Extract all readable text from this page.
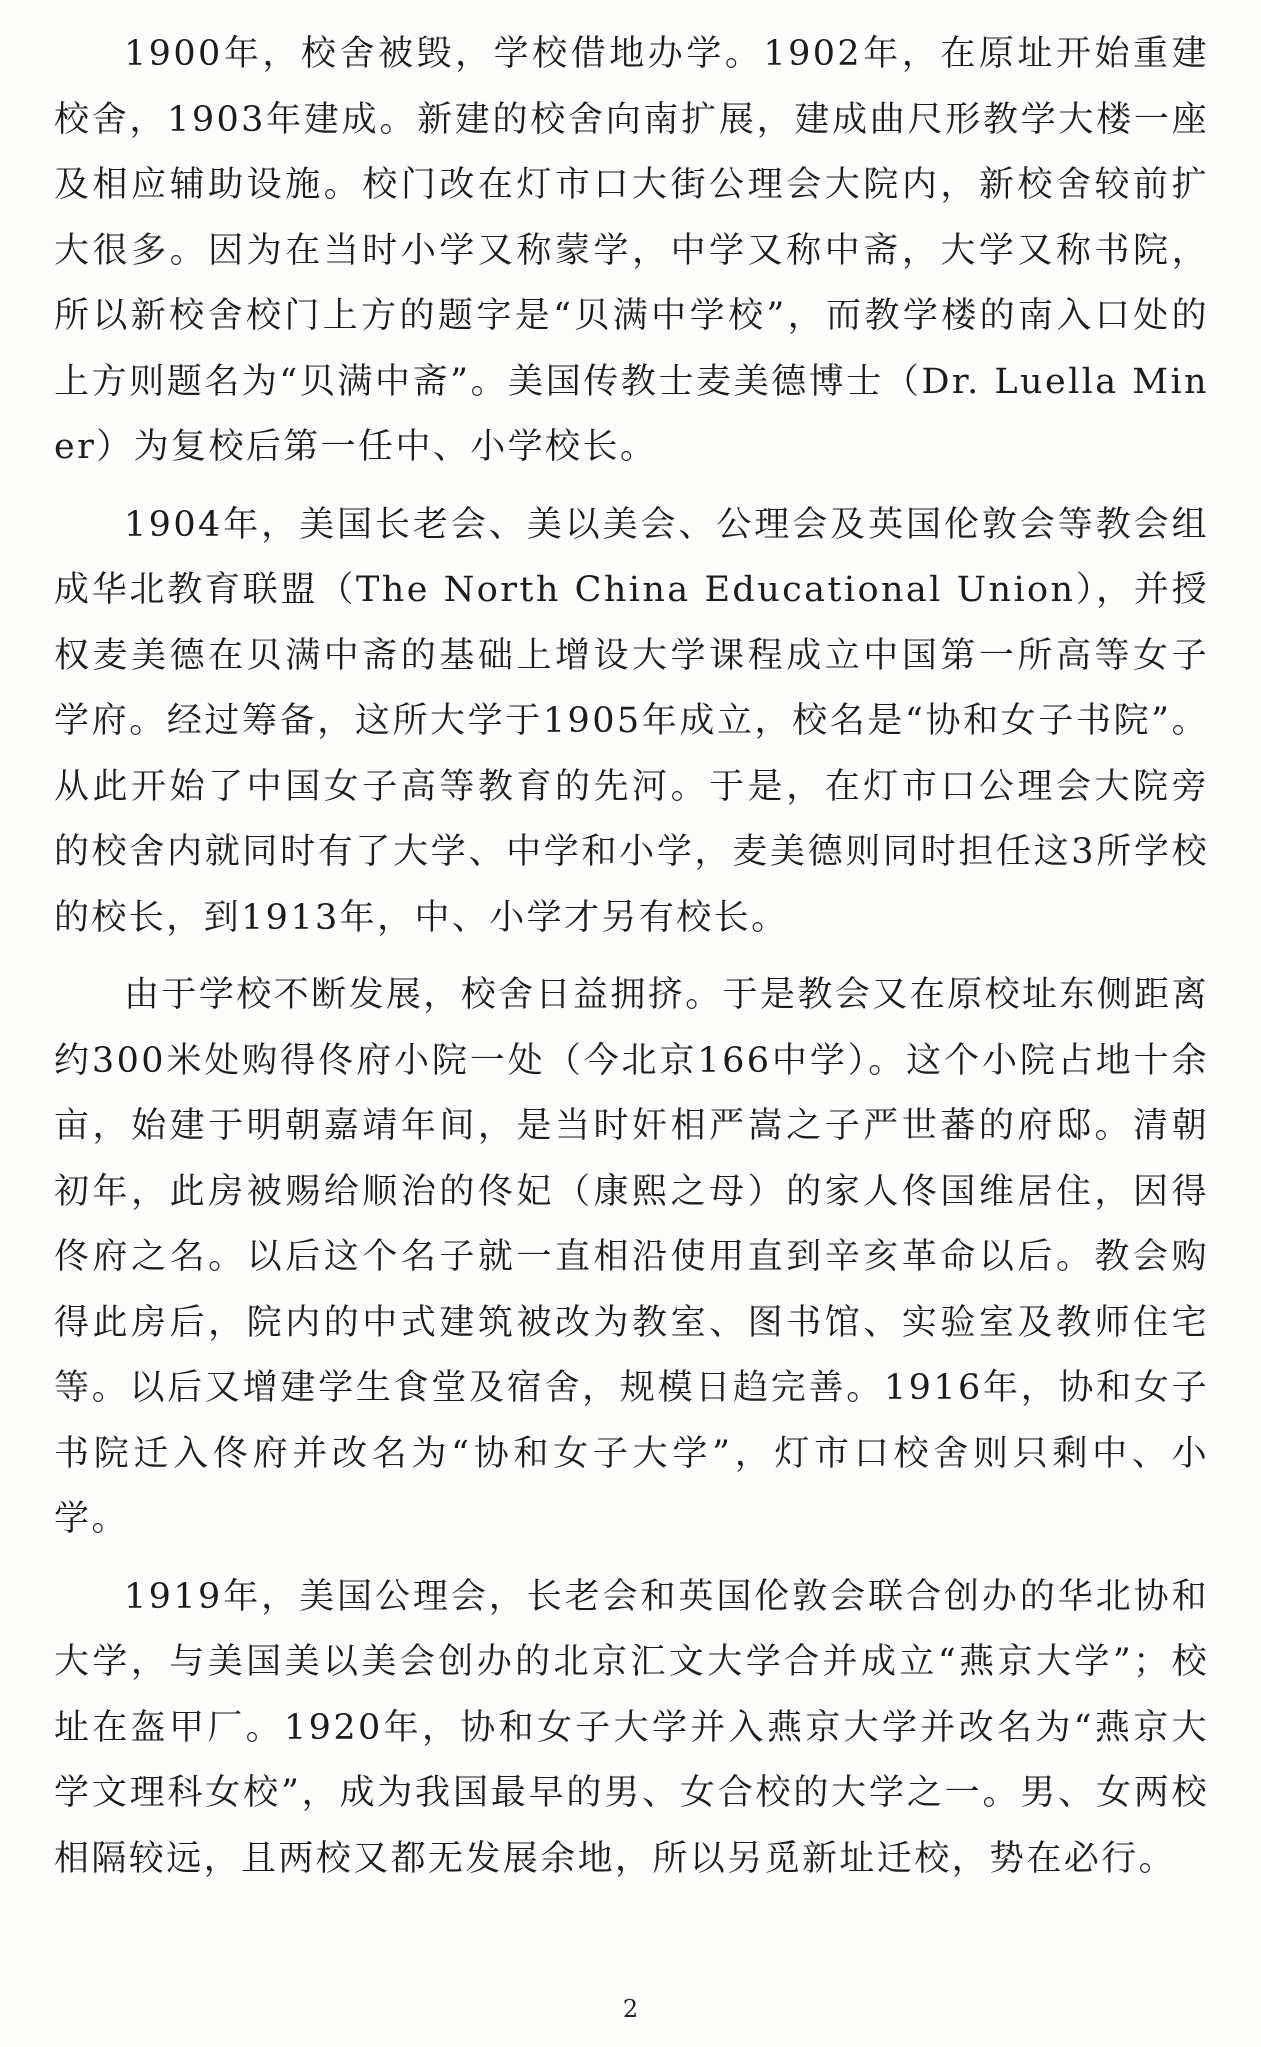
1900年，校舍被毁，学校借地办学。1902年，在原址开始重建校舍，1903年建成。新建的校舍向南扩展，建成曲尺形教学大楼一座及相应辅助设施。校门改在灯市口大街公理会大院内，新校舍较前扩大很多。因为在当时小学又称蒙学，中学又称中斋，大学又称书院，所以新校舍校门上方的题字是“贝满中学校”，而教学楼的南入口处的上方则题名为“贝满中斋”。美国传教士麦美德博士（Dr. Luella Miner）为复校后第一任中、小学校长。

1904年，美国长老会、美以美会、公理会及英国伦敦会等教会组成华北教育联盟（The North China Educational Union），并授权麦美德在贝满中斋的基础上增设大学课程成立中国第一所高等女子学府。经过筹备，这所大学于1905年成立，校名是“协和女子书院”。从此开始了中国女子高等教育的先河。于是，在灯市口公理会大院旁的校舍内就同时有了大学、中学和小学，麦美德则同时担任这3所学校的校长，到1913年，中、小学才另有校长。

由于学校不断发展，校舍日益拥挤。于是教会又在原校址东侧距离约300米处购得佟府小院一处（今北京166中学）。这个小院占地十余亩，始建于明朝嘉靖年间，是当时奸相严嵩之子严世蕃的府邸。清朝初年，此房被赐给顺治的佟妃（康熙之母）的家人佟国维居住，因得佟府之名。以后这个名子就一直相沿使用直到辛亥革命以后。教会购得此房后，院内的中式建筑被改为教室、图书馆、实验室及教师住宅等。以后又增建学生食堂及宿舍，规模日趋完善。1916年，协和女子书院迁入佟府并改名为“协和女子大学”，灯市口校舍则只剩中、小学。

1919年，美国公理会，长老会和英国伦敦会联合创办的华北协和大学，与美国美以美会创办的北京汇文大学合并成立“燕京大学”；校址在盔甲厂。1920年，协和女子大学并入燕京大学并改名为“燕京大学文理科女校”，成为我国最早的男、女合校的大学之一。男、女两校相隔较远，且两校又都无发展余地，所以另觅新址迁校，势在必行。

2
